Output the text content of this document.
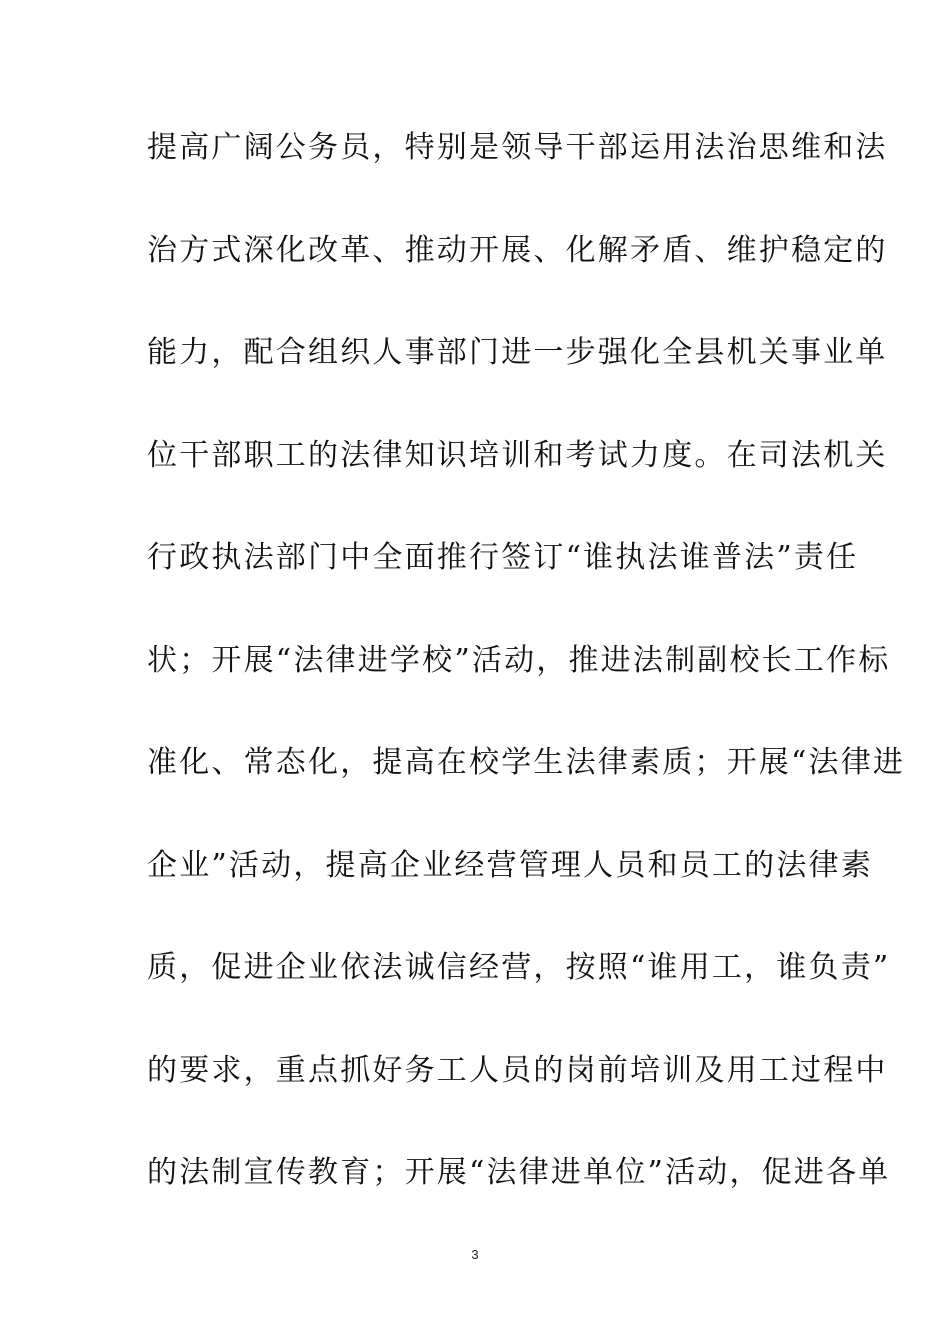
提高广阔公务员，特别是领导干部运用法治思维和法
治方式深化改革、推动开展、化解矛盾、维护稳定的
能力，配合组织人事部门进一步强化全县机关事业单
位干部职工的法律知识培训和考试力度。在司法机关
行政执法部门中全面推行签订“谁执法谁普法”责任
状；开展“法律进学校”活动，推进法制副校长工作标
准化、常态化，提高在校学生法律素质；开展“法律进
企业”活动，提高企业经营管理人员和员工的法律素
质，促进企业依法诚信经营，按照“谁用工，谁负责”
的要求，重点抓好务工人员的岗前培训及用工过程中
的法制宣传教育；开展“法律进单位”活动，促进各单
3
